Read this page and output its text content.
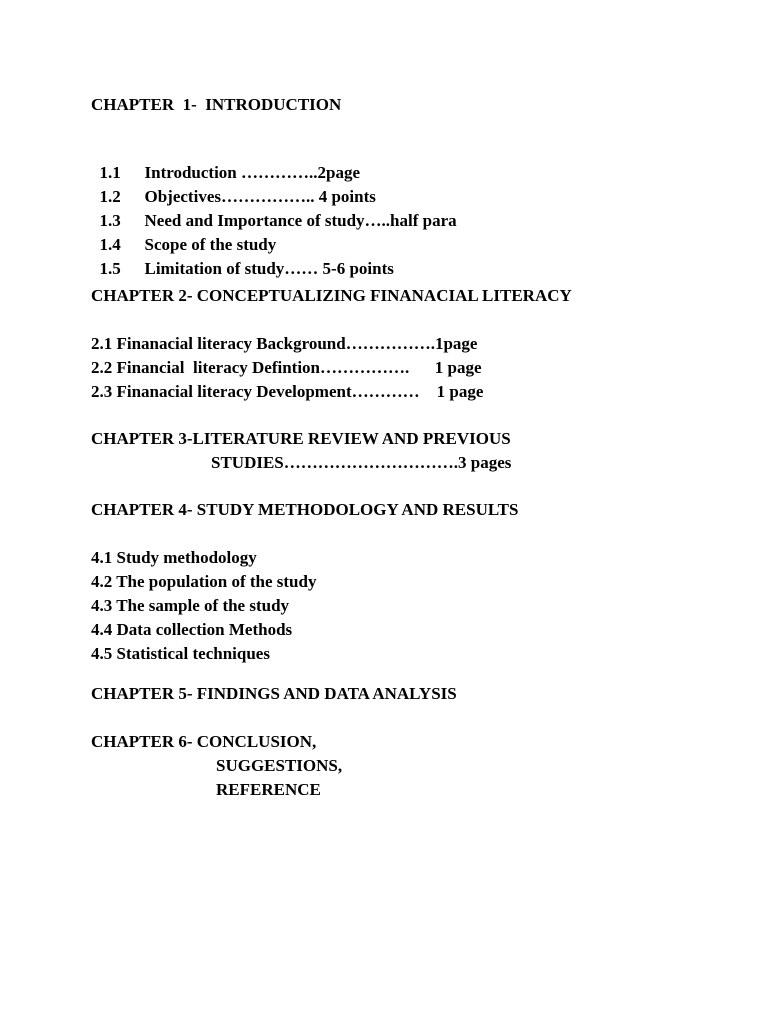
CHAPTER  1-  INTRODUCTION

1.1 Introduction …………..2page

1.2 Objectives…………….. 4 points

1.3 Need and Importance of study…..half para

1.4 Scope of the study

1.5 Limitation of study…… 5-6 points

CHAPTER 2- CONCEPTUALIZING FINANACIAL LITERACY
2.1 Finanacial literacy Background…………….1page
2.2 Financial  literacy Defintion…………….      1 page
2.3 Finanacial literacy Development…………    1 page
CHAPTER 3-LITERATURE REVIEW AND PREVIOUS
STUDIES………………………….3 pages
CHAPTER 4- STUDY METHODOLOGY AND RESULTS
4.1 Study methodology
4.2 The population of the study
4.3 The sample of the study
4.4 Data collection Methods
4.5 Statistical techniques
CHAPTER 5- FINDINGS AND DATA ANALYSIS
CHAPTER 6- CONCLUSION,
SUGGESTIONS,
REFERENCE
